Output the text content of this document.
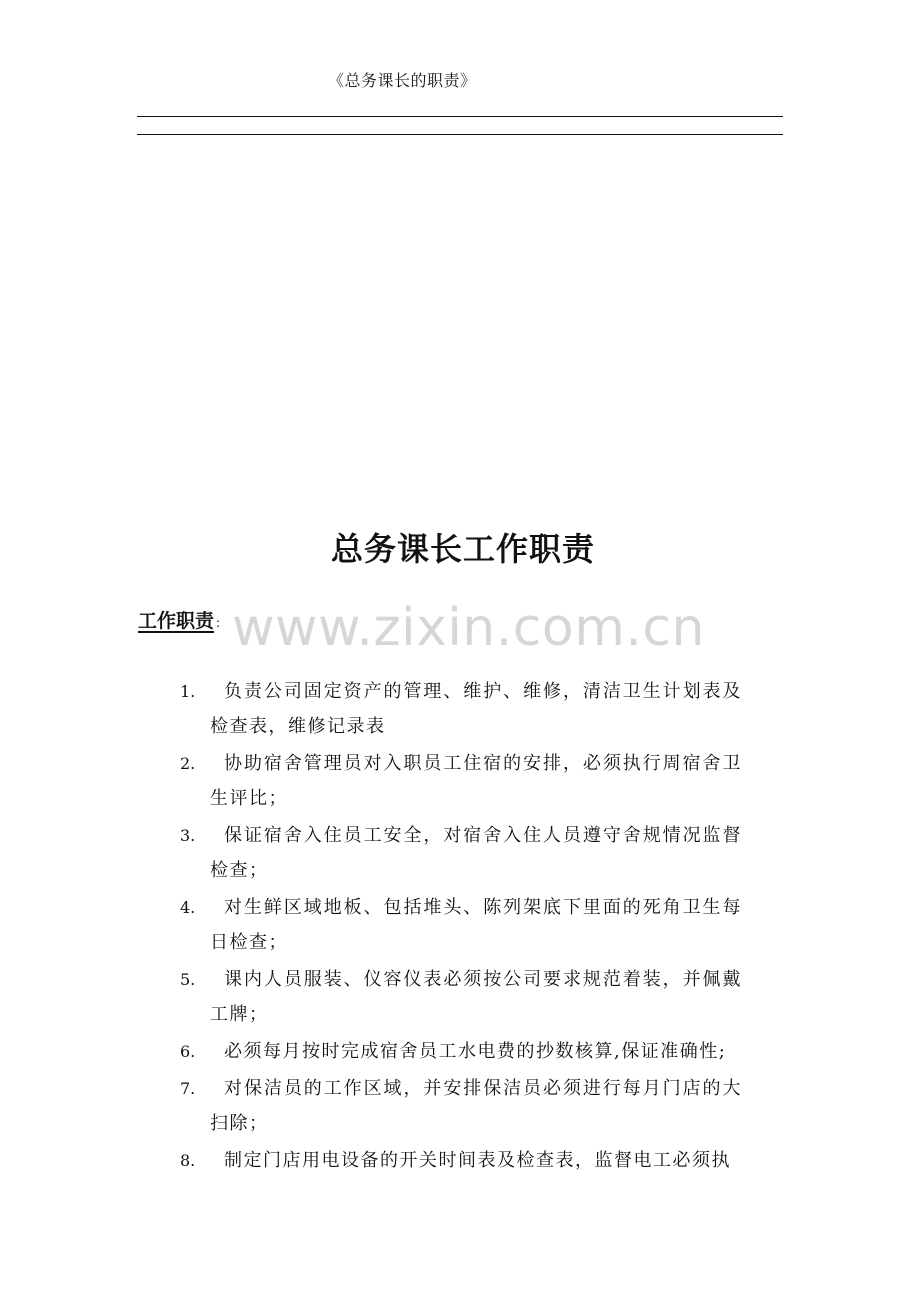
《总务课长的职责》
总务课长工作职责
工作职责 : www.zixin.com.cn
1.	负责公司固定资产的管理、维护、维修，清洁卫生计划表及检查表，维修记录表
2.	协助宿舍管理员对入职员工住宿的安排，必须执行周宿舍卫生评比；
3.	保证宿舍入住员工安全，对宿舍入住人员遵守舍规情况监督检查；
4.	对生鲜区域地板、包括堆头、陈列架底下里面的死角卫生每日检查；
5.	课内人员服装、仪容仪表必须按公司要求规范着装，并佩戴工牌；
6.	必须每月按时完成宿舍员工水电费的抄数核算,保证准确性;
7.	对保洁员的工作区域，并安排保洁员必须进行每月门店的大扫除；
8.	制定门店用电设备的开关时间表及检查表，监督电工必须执
